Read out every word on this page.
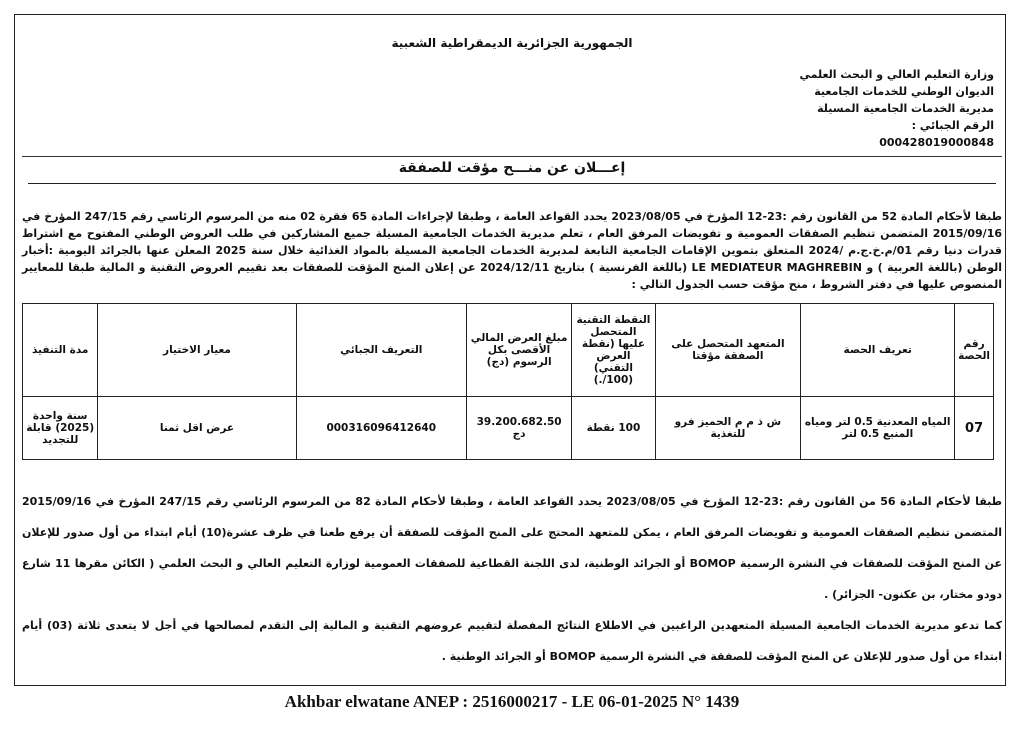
الجمهورية الجزائرية الديمقراطية الشعبية
وزارة التعليم العالي و البحث العلمي
الديوان الوطني للخدمات الجامعية
مديرية الخدمات الجامعية المسيلة
الرقم الجبائي : 000428019000848
إعـــلان عن منـــح مؤقت للصفقة
طبقا لأحكام المادة 52 من القانون رقم :23-12 المؤرخ في 2023/08/05 يحدد القواعد العامة ، وطبقا لإجراءات المادة 65 فقرة 02 منه من المرسوم الرئاسي رقم 247/15 المؤرخ في 2015/09/16 المتضمن تنظيم الصفقات العمومية و تفويضات المرفق العام ، تعلم مديرية الخدمات الجامعية المسيلة جميع المشاركين في طلب العروض الوطني المفتوح مع اشتراط قدرات دنيا رقم 01/م.خ.ج.م /2024 المتعلق بتموين الإقامات الجامعية التابعة لمديرية الخدمات الجامعية المسيلة بالمواد الغذائية خلال سنة 2025 المعلن عنها بالجرائد اليومية :أخبار الوطن (باللغة العربية ) و LE MEDIATEUR MAGHREBIN (باللغة الفرنسية ) بتاريخ 2024/12/11 عن إعلان المنح المؤقت للصفقات بعد تقييم العروض التقنية و المالية طبقا للمعايير المنصوص عليها في دفتر الشروط ، منح مؤقت حسب الجدول التالي :
رقم الحصة	تعريف الحصة	المتعهد المتحصل على الصفقة مؤقتا	النقطة التقنية المتحصل عليها (نقطة العرض التقني) (100/.)	مبلغ العرض المالي الأقصى بكل الرسوم (دج)	التعريف الجبائي	معيار الاختيار	مدة التنفيذ
07	المياه المعدنية 0.5 لتر ومياه المنبع 0.5 لتر	ش ذ م م الحميز فرو للتغذية	100 نقطة	39.200.682.50 دج	000316096412640	عرض اقل ثمنا	سنة واحدة (2025) قابلة للتجديد
طبقا لأحكام المادة 56 من القانون رقم :23-12 المؤرخ في 2023/08/05 يحدد القواعد العامة ، وطبقا لأحكام المادة 82 من المرسوم الرئاسي رقم 247/15 المؤرخ في 2015/09/16 المتضمن تنظيم الصفقات العمومية و تفويضات المرفق العام ، يمكن للمتعهد المحتج على المنح المؤقت للصفقة أن يرفع طعنا في ظرف عشرة(10) أيام ابتداء من أول صدور للإعلان عن المنح المؤقت للصفقات في النشرة الرسمية BOMOP أو الجرائد الوطنية، لدى اللجنة القطاعية للصفقات العمومية لوزارة التعليم العالي و البحث العلمي ( الكائن مقرها 11 شارع دودو مختار، بن عكنون- الجزائر) .
كما تدعو مديرية الخدمات الجامعية المسيلة المتعهدين الراغبين في الاطلاع النتائج المفصلة لتقييم عروضهم التقنية و المالية إلى التقدم لمصالحها في أجل لا يتعدى ثلاثة (03) أيام ابتداء من أول صدور للإعلان عن المنح المؤقت للصفقة في النشرة الرسمية BOMOP أو الجرائد الوطنية .
Akhbar elwatane ANEP : 2516000217 - LE 06-01-2025 N° 1439
